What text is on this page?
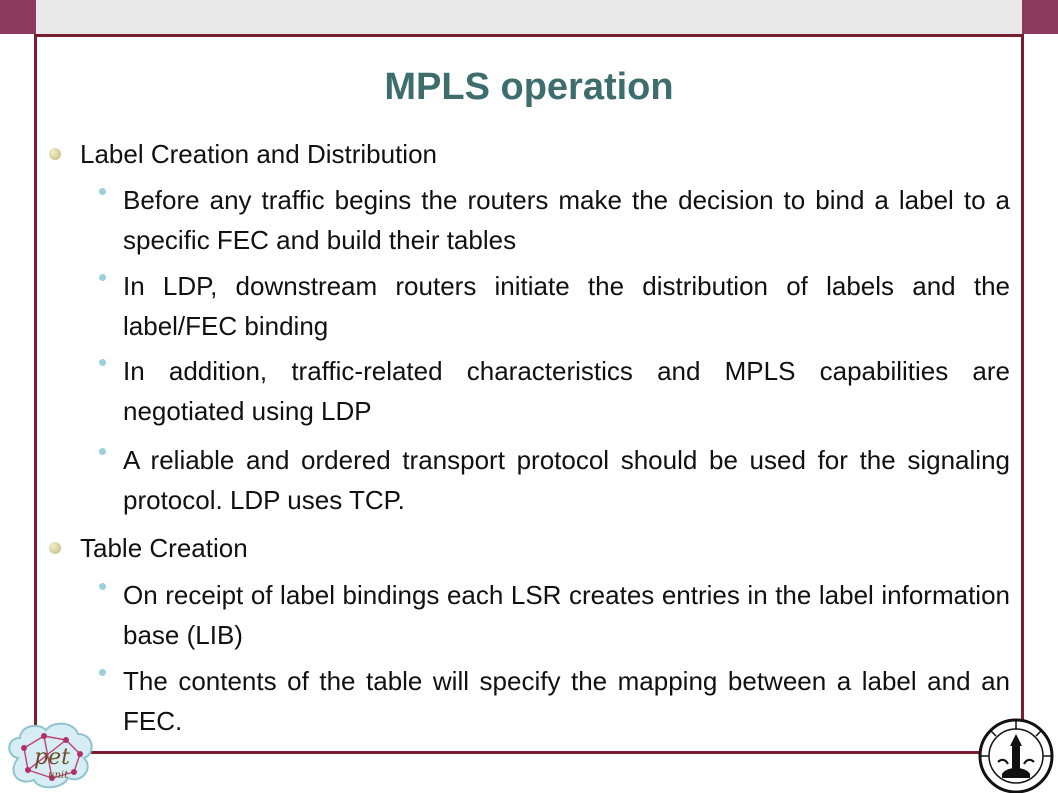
MPLS operation
Label Creation and Distribution
Before any traffic begins the routers make the decision to bind a label to a specific FEC and build their tables
In LDP, downstream routers initiate the distribution of labels and the label/FEC binding
In addition, traffic-related characteristics and MPLS capabilities are negotiated using LDP
A reliable and ordered transport protocol should be used for the signaling protocol. LDP uses TCP.
Table Creation
On receipt of label bindings each LSR creates entries in the label information base (LIB)
The contents of the table will specify the mapping between a label and an FEC.
pet
unit
